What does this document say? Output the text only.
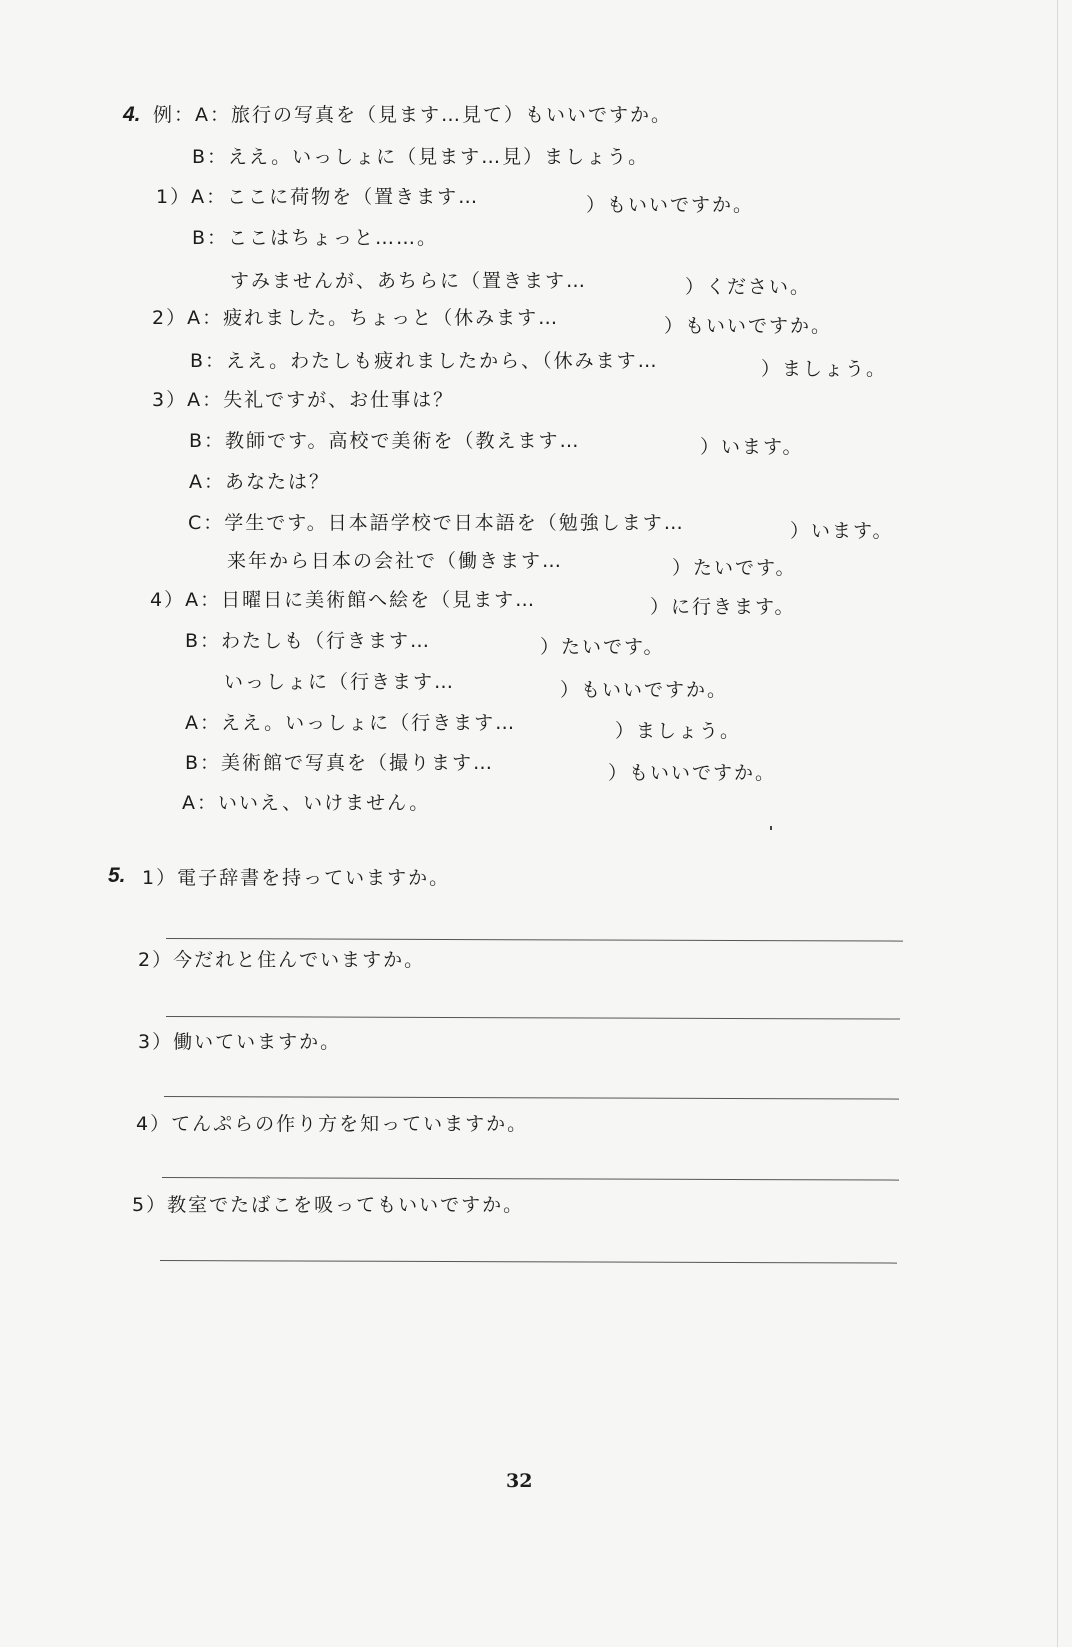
4. 例：A：旅行の写真を（見ます…見て）もいいですか。
B：ええ。いっしょに（見ます…見）ましょう。
1）A：ここに荷物を（置きます…	）もいいですか。
B：ここはちょっと……。
すみませんが、あちらに（置きます…	）ください。
2）A：疲れました。ちょっと（休みます…	）もいいですか。
B：ええ。わたしも疲れましたから、（休みます…	）ましょう。
3）A：失礼ですが、お仕事は？
B：教師です。高校で美術を（教えます…	）います。
A：あなたは？
C：学生です。日本語学校で日本語を（勉強します…	）います。
来年から日本の会社で（働きます…	）たいです。
4）A：日曜日に美術館へ絵を（見ます…	）に行きます。
B：わたしも（行きます…	）たいです。
いっしょに（行きます…	）もいいですか。
A：ええ。いっしょに（行きます…	）ましょう。
B：美術館で写真を（撮ります…	）もいいですか。
A：いいえ、いけません。
5. 1）電子辞書を持っていますか。
2）今だれと住んでいますか。
3）働いていますか。
4）てんぷらの作り方を知っていますか。
5）教室でたばこを吸ってもいいですか。
32
